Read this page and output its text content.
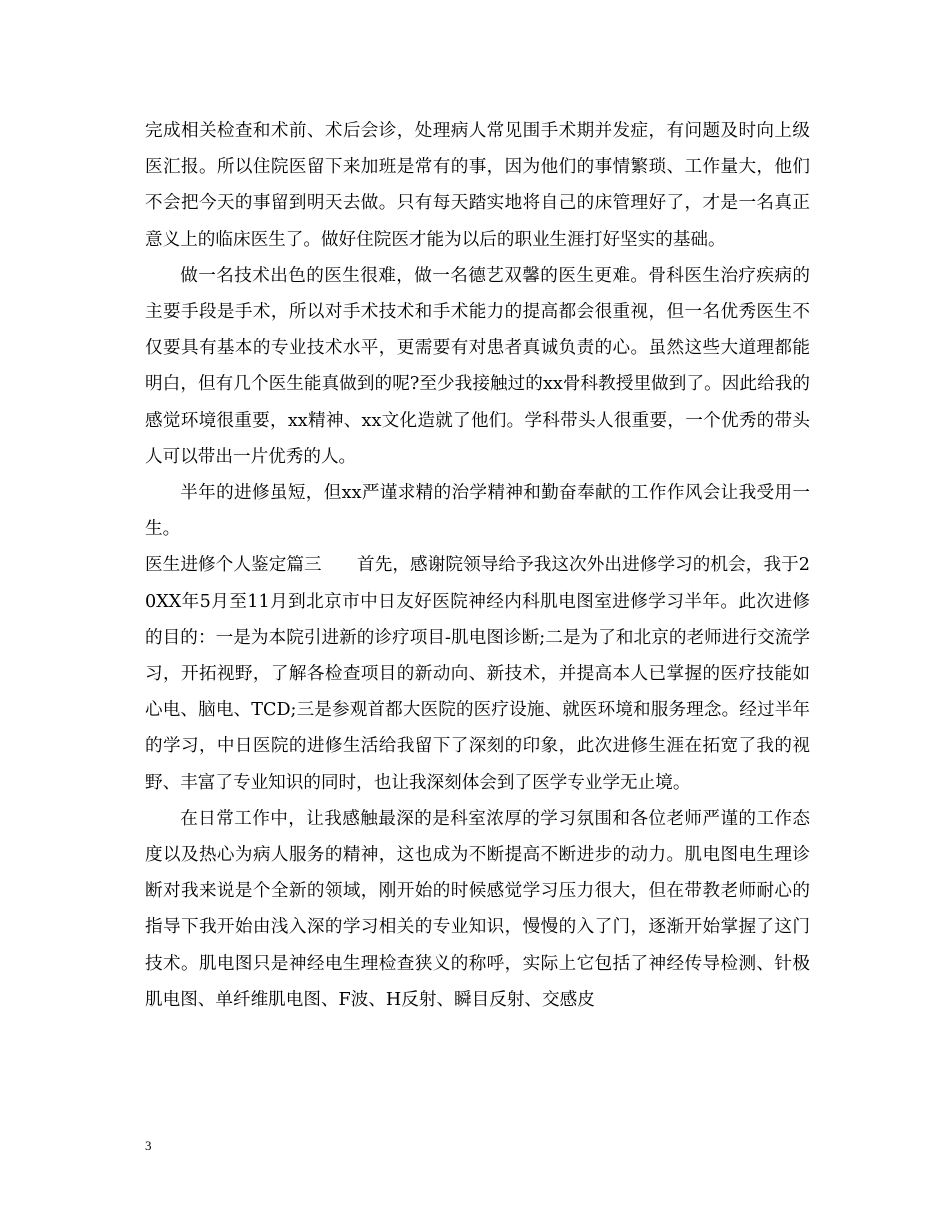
完成相关检查和术前、术后会诊，处理病人常见围手术期并发症，有问题及时向上级医汇报。所以住院医留下来加班是常有的事，因为他们的事情繁琐、工作量大，他们不会把今天的事留到明天去做。只有每天踏实地将自己的床管理好了，才是一名真正意义上的临床医生了。做好住院医才能为以后的职业生涯打好坚实的基础。

做一名技术出色的医生很难，做一名德艺双馨的医生更难。骨科医生治疗疾病的主要手段是手术，所以对手术技术和手术能力的提高都会很重视，但一名优秀医生不仅要具有基本的专业技术水平，更需要有对患者真诚负责的心。虽然这些大道理都能明白，但有几个医生能真做到的呢?至少我接触过的xx骨科教授里做到了。因此给我的感觉环境很重要，xx精神、xx文化造就了他们。学科带头人很重要，一个优秀的带头人可以带出一片优秀的人。

半年的进修虽短，但xx严谨求精的治学精神和勤奋奉献的工作作风会让我受用一生。

医生进修个人鉴定篇三　　首先，感谢院领导给予我这次外出进修学习的机会，我于20XX年5月至11月到北京市中日友好医院神经内科肌电图室进修学习半年。此次进修的目的：一是为本院引进新的诊疗项目-肌电图诊断;二是为了和北京的老师进行交流学习，开拓视野，了解各检查项目的新动向、新技术，并提高本人已掌握的医疗技能如心电、脑电、TCD;三是参观首都大医院的医疗设施、就医环境和服务理念。经过半年的学习，中日医院的进修生活给我留下了深刻的印象，此次进修生涯在拓宽了我的视野、丰富了专业知识的同时，也让我深刻体会到了医学专业学无止境。

在日常工作中，让我感触最深的是科室浓厚的学习氛围和各位老师严谨的工作态度以及热心为病人服务的精神，这也成为不断提高不断进步的动力。肌电图电生理诊断对我来说是个全新的领域，刚开始的时候感觉学习压力很大，但在带教老师耐心的指导下我开始由浅入深的学习相关的专业知识，慢慢的入了门，逐渐开始掌握了这门技术。肌电图只是神经电生理检查狭义的称呼，实际上它包括了神经传导检测、针极肌电图、单纤维肌电图、F波、H反射、瞬目反射、交感皮

3
